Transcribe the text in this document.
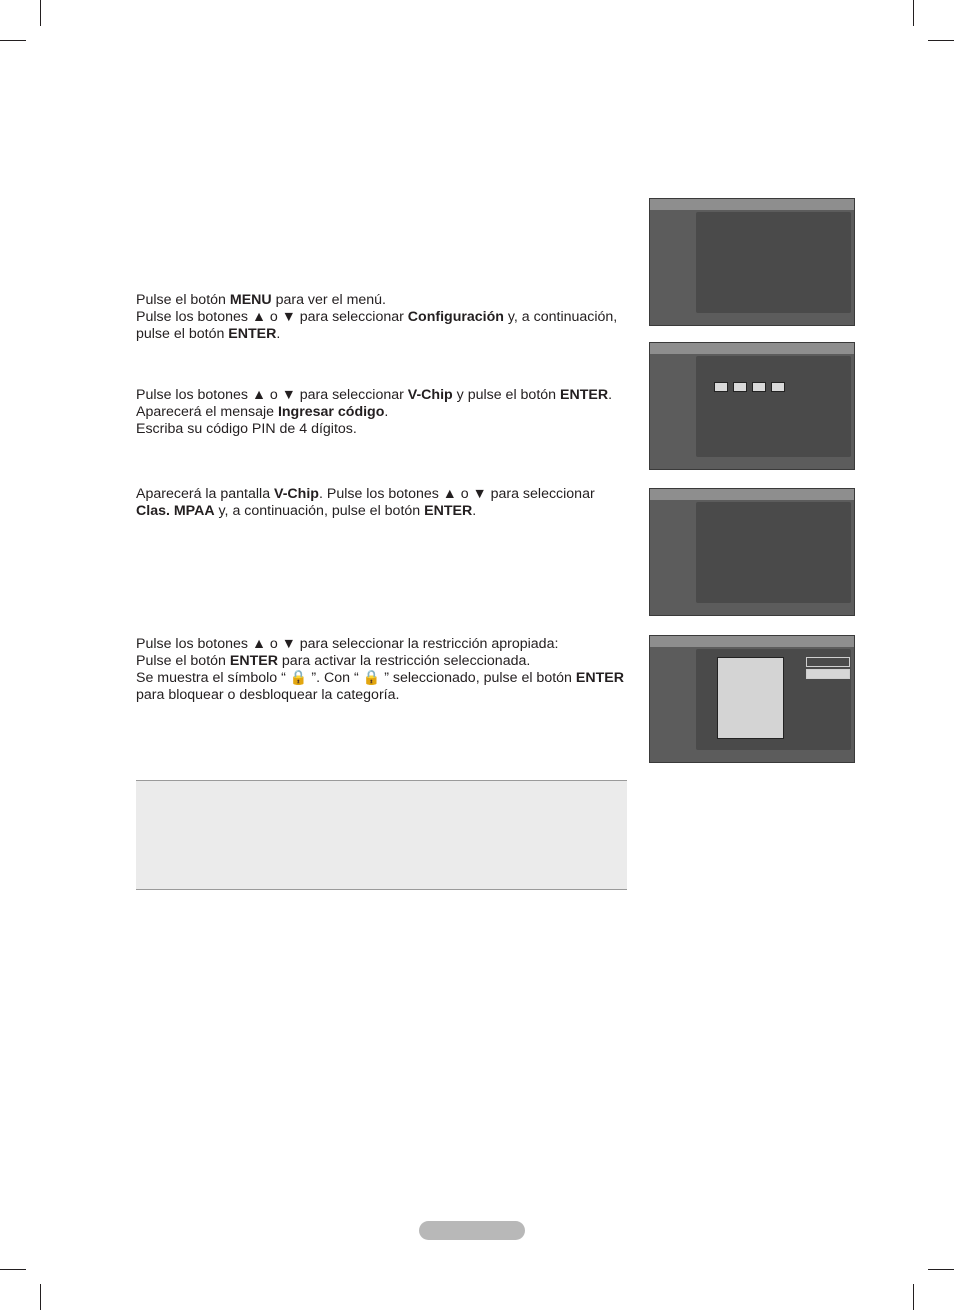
Pulse el botón MENU para ver el menú.

Pulse los botones ▲ o ▼ para seleccionar Configuración y, a continuación, pulse el botón ENTER.

Pulse los botones ▲ o ▼ para seleccionar V-Chip y pulse el botón ENTER.

Aparecerá el mensaje Ingresar código.

Escriba su código PIN de 4 dígitos.

Aparecerá la pantalla V-Chip. Pulse los botones ▲ o ▼ para seleccionar Clas. MPAA y, a continuación, pulse el botón ENTER.

Pulse los botones ▲ o ▼ para seleccionar la restricción apropiada:

Pulse el botón ENTER para activar la restricción seleccionada.

Se muestra el símbolo “ 🔒 ”. Con “ 🔒 ” seleccionado, pulse el botón ENTER para bloquear o desbloquear la categoría.
